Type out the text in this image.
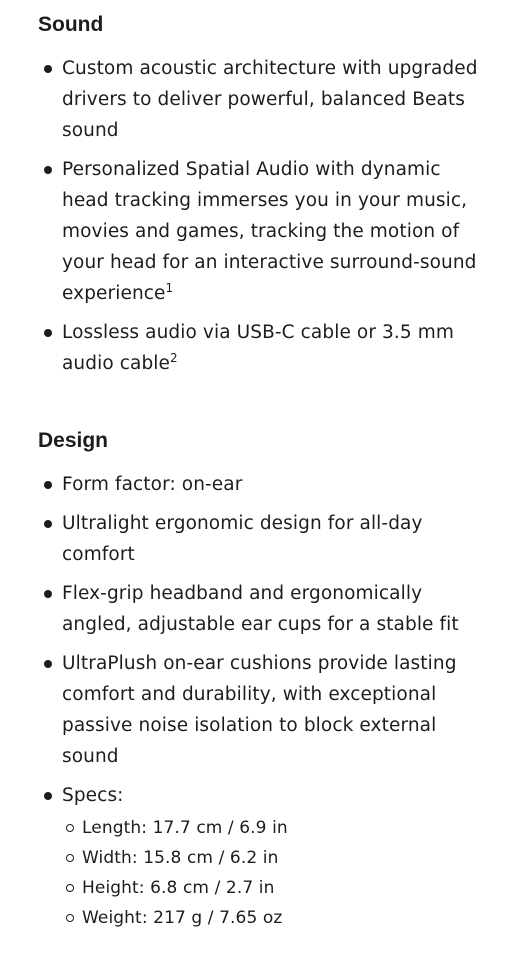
Sound
Custom acoustic architecture with upgraded drivers to deliver powerful, balanced Beats sound
Personalized Spatial Audio with dynamic head tracking immerses you in your music, movies and games, tracking the motion of your head for an interactive surround-sound experience$^1$
Lossless audio via USB-C cable or 3.5 mm audio cable$^2$
Design
Form factor: on-ear
Ultralight ergonomic design for all-day comfort
Flex-grip headband and ergonomically angled, adjustable ear cups for a stable fit
UltraPlush on-ear cushions provide lasting comfort and durability, with exceptional passive noise isolation to block external sound
Specs:
Length: 17.7 cm / 6.9 in
Width: 15.8 cm / 6.2 in
Height: 6.8 cm / 2.7 in
Weight: 217 g / 7.65 oz
